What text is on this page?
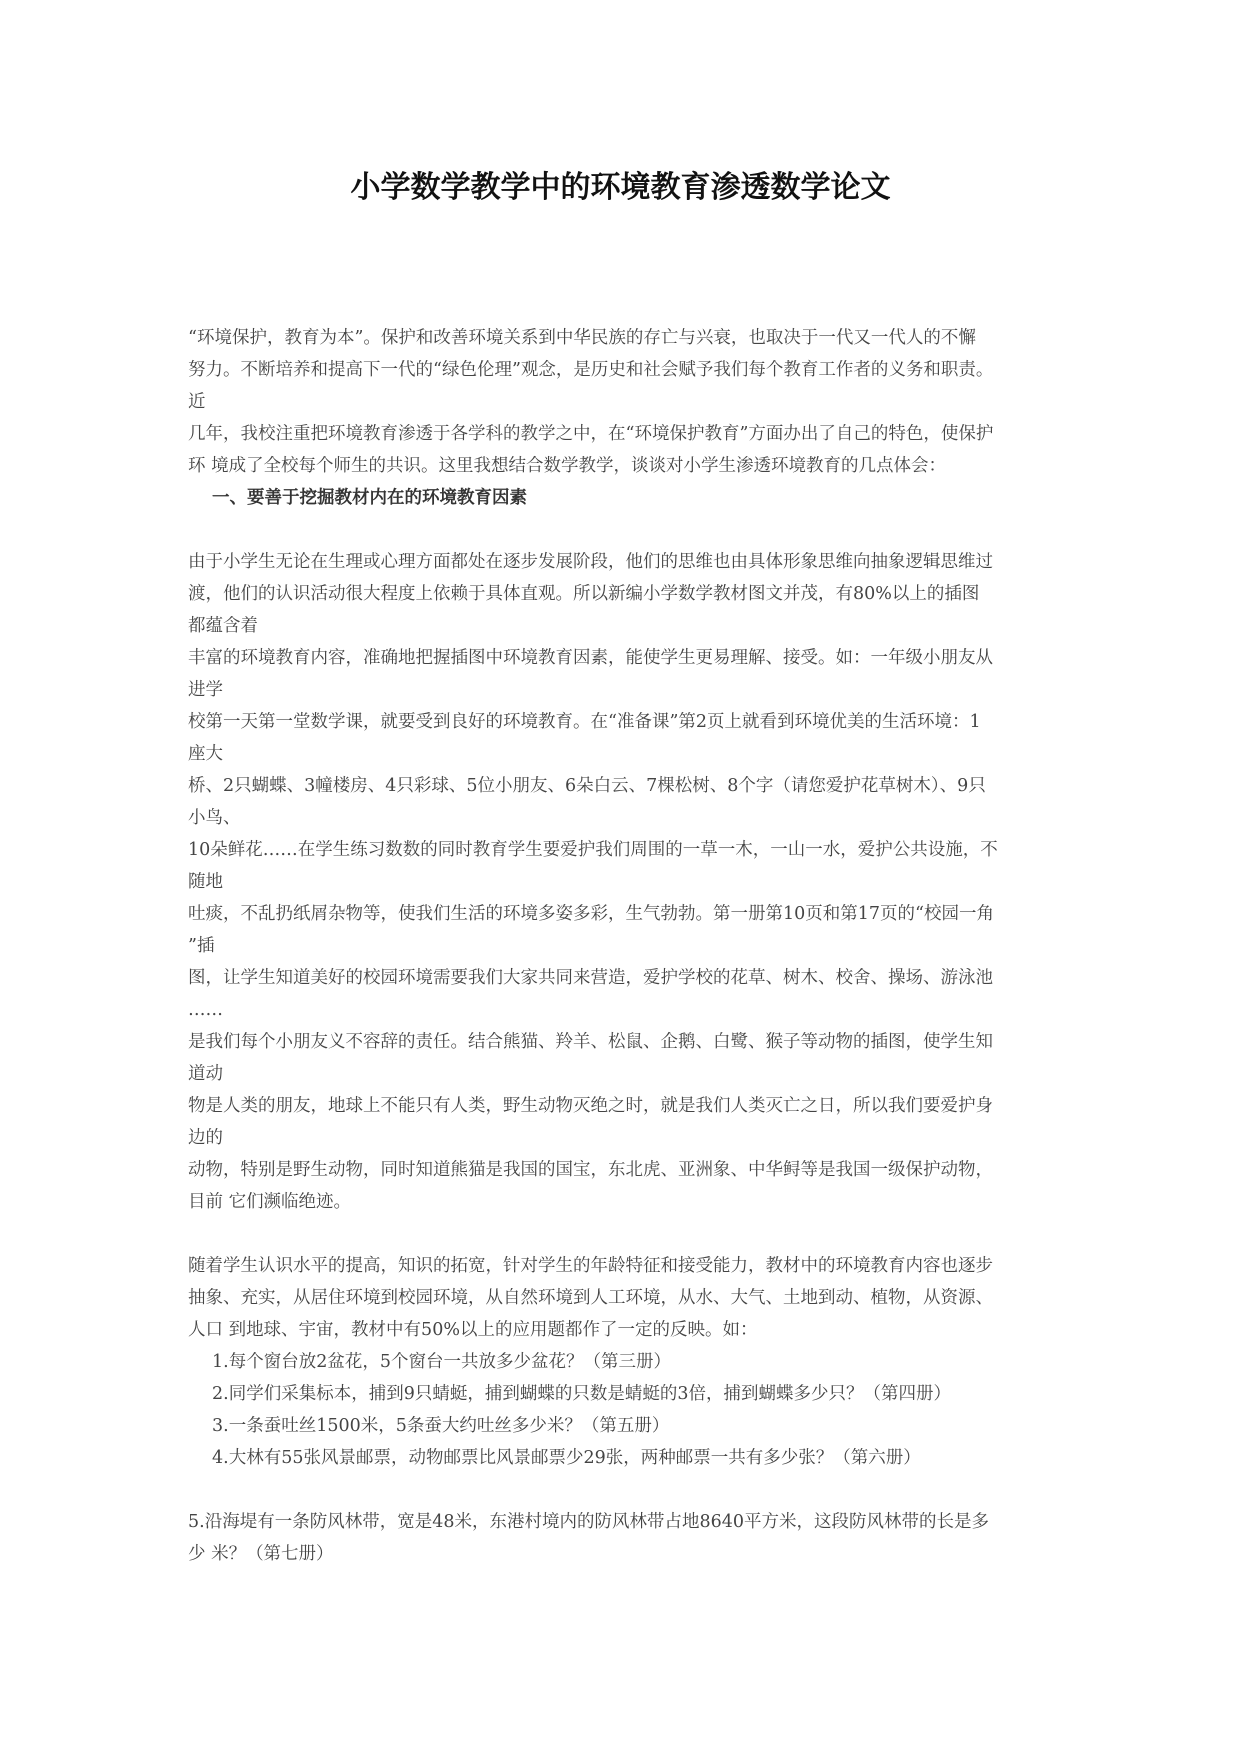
小学数学教学中的环境教育渗透数学论文
“环境保护，教育为本”。保护和改善环境关系到中华民族的存亡与兴衰，也取决于一代又一代人的不懈
努力。不断培养和提高下一代的“绿色伦理”观念，是历史和社会赋予我们每个教育工作者的义务和职责。
近
几年，我校注重把环境教育渗透于各学科的教学之中，在“环境保护教育”方面办出了自己的特色，使保护
环 境成了全校每个师生的共识。这里我想结合数学教学，谈谈对小学生渗透环境教育的几点体会：
一、要善于挖掘教材内在的环境教育因素
由于小学生无论在生理或心理方面都处在逐步发展阶段，他们的思维也由具体形象思维向抽象逻辑思维过
渡，他们的认识活动很大程度上依赖于具体直观。所以新编小学数学教材图文并茂，有80%以上的插图
都蕴含着
丰富的环境教育内容，准确地把握插图中环境教育因素，能使学生更易理解、接受。如：一年级小朋友从
进学
校第一天第一堂数学课，就要受到良好的环境教育。在“准备课”第2页上就看到环境优美的生活环境：1
座大
桥、2只蝴蝶、3幢楼房、4只彩球、5位小朋友、6朵白云、7棵松树、8个字（请您爱护花草树木）、9只
小鸟、
10朵鲜花……在学生练习数数的同时教育学生要爱护我们周围的一草一木，一山一水，爱护公共设施，不
随地
吐痰，不乱扔纸屑杂物等，使我们生活的环境多姿多彩，生气勃勃。第一册第10页和第17页的“校园一角
”插
图，让学生知道美好的校园环境需要我们大家共同来营造，爱护学校的花草、树木、校舍、操场、游泳池
……
是我们每个小朋友义不容辞的责任。结合熊猫、羚羊、松鼠、企鹅、白鹭、猴子等动物的插图，使学生知
道动
物是人类的朋友，地球上不能只有人类，野生动物灭绝之时，就是我们人类灭亡之日，所以我们要爱护身
边的
动物，特别是野生动物，同时知道熊猫是我国的国宝，东北虎、亚洲象、中华鲟等是我国一级保护动物，
目前 它们濒临绝迹。
随着学生认识水平的提高，知识的拓宽，针对学生的年龄特征和接受能力，教材中的环境教育内容也逐步
抽象、充实，从居住环境到校园环境，从自然环境到人工环境，从水、大气、土地到动、植物，从资源、
人口 到地球、宇宙，教材中有50%以上的应用题都作了一定的反映。如：
1.每个窗台放2盆花，5个窗台一共放多少盆花？（第三册）
2.同学们采集标本，捕到9只蜻蜓，捕到蝴蝶的只数是蜻蜓的3倍，捕到蝴蝶多少只？（第四册）
3.一条蚕吐丝1500米，5条蚕大约吐丝多少米？（第五册）
4.大林有55张风景邮票，动物邮票比风景邮票少29张，两种邮票一共有多少张？（第六册）
5.沿海堤有一条防风林带，宽是48米，东港村境内的防风林带占地8640平方米，这段防风林带的长是多
少 米？（第七册）
